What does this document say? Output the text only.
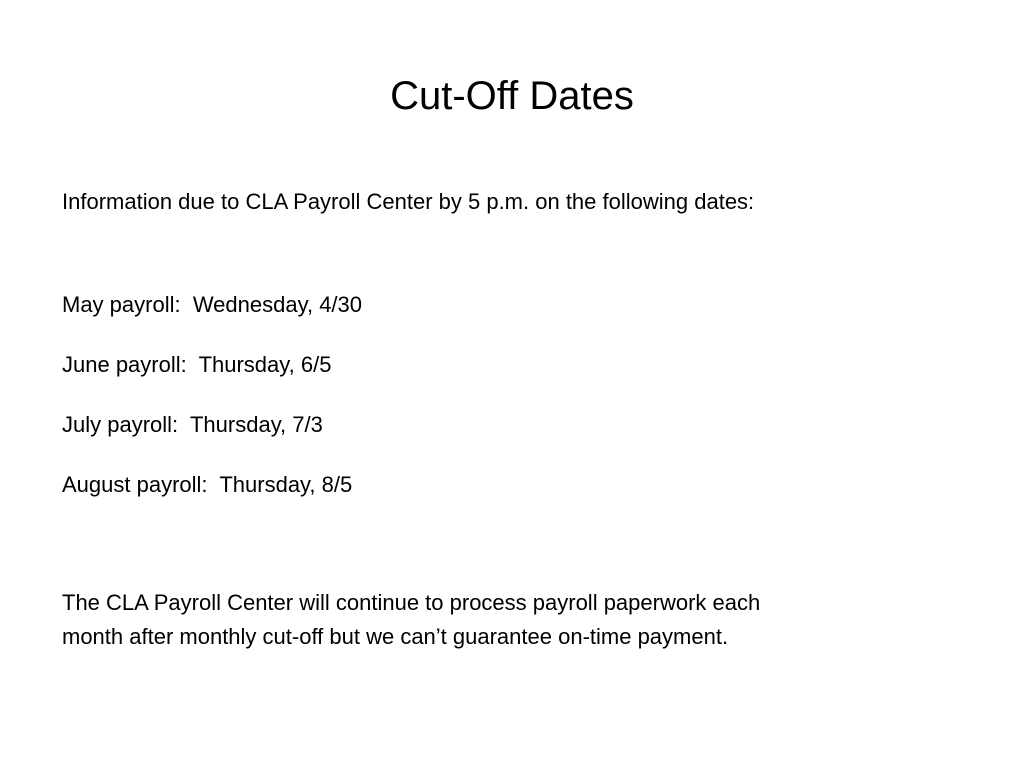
Cut-Off Dates

Information due to CLA Payroll Center by 5 p.m. on the following dates:

May payroll:  Wednesday, 4/30
June payroll:  Thursday, 6/5
July payroll:  Thursday, 7/3
August payroll:  Thursday, 8/5

The CLA Payroll Center will continue to process payroll paperwork each
month after monthly cut-off but we can’t guarantee on-time payment.
